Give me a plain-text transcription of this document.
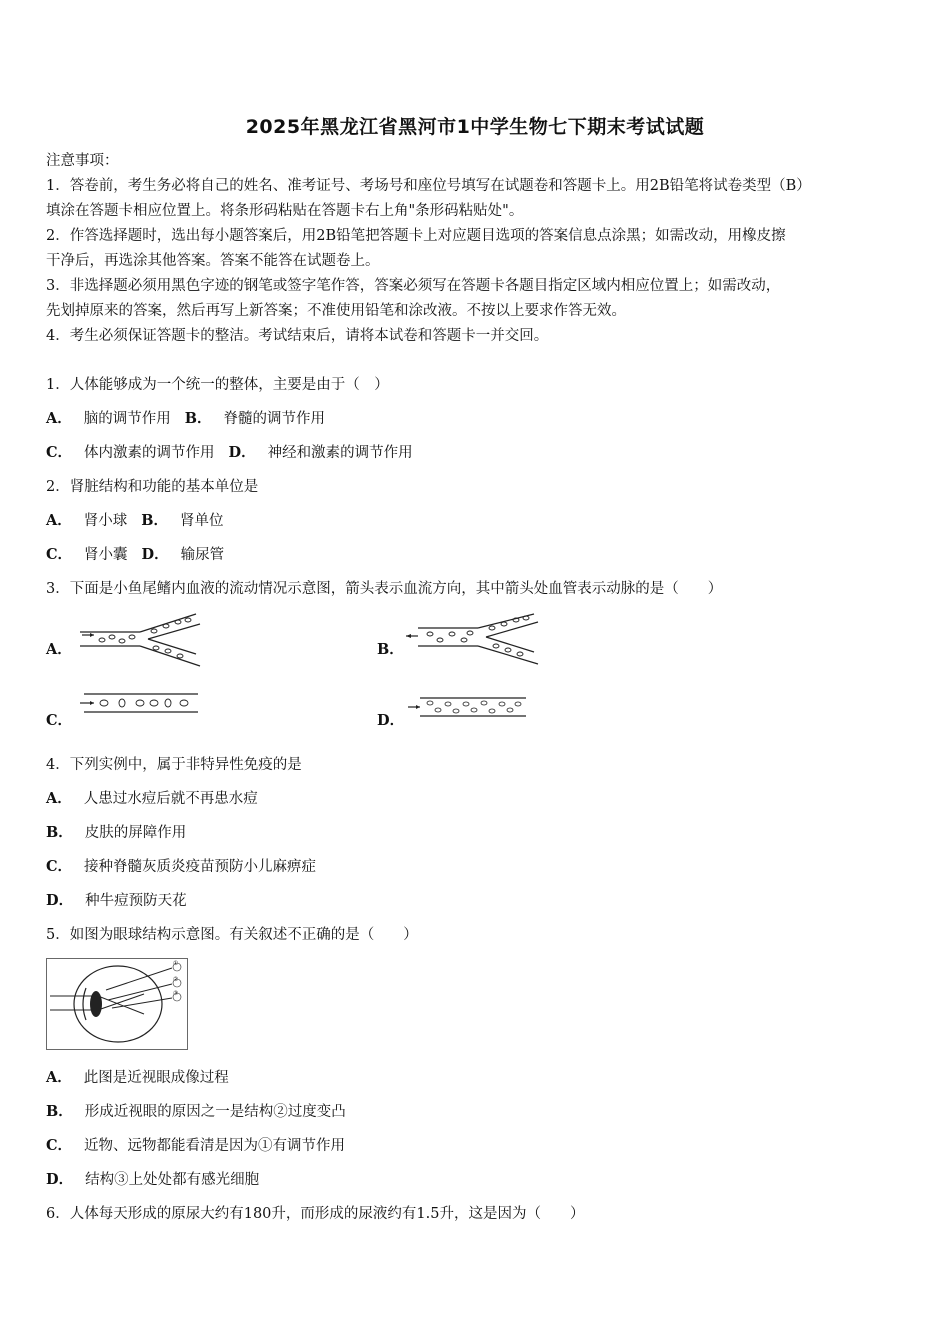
2025年黑龙江省黑河市1中学生物七下期末考试试题
注意事项：
1．答卷前，考生务必将自己的姓名、准考证号、考场号和座位号填写在试题卷和答题卡上。用2B铅笔将试卷类型（B）
填涂在答题卡相应位置上。将条形码粘贴在答题卡右上角"条形码粘贴处"。
2．作答选择题时，选出每小题答案后，用2B铅笔把答题卡上对应题目选项的答案信息点涂黑；如需改动，用橡皮擦
干净后，再选涂其他答案。答案不能答在试题卷上。
3．非选择题必须用黑色字迹的钢笔或签字笔作答，答案必须写在答题卡各题目指定区域内相应位置上；如需改动，
先划掉原来的答案，然后再写上新答案；不准使用铅笔和涂改液。不按以上要求作答无效。
4．考生必须保证答题卡的整洁。考试结束后，请将本试卷和答题卡一并交回。
1．人体能够成为一个统一的整体，主要是由于（　）
A． 脑的调节作用 B． 脊髓的调节作用
C． 体内激素的调节作用 D． 神经和激素的调节作用
2．肾脏结构和功能的基本单位是
A． 肾小球 B． 肾单位
C． 肾小囊 D． 输尿管
3．下面是小鱼尾鳍内血液的流动情况示意图，箭头表示血流方向，其中箭头处血管表示动脉的是（　　）
A．	B．
C．	D．
4．下列实例中，属于非特异性免疫的是
A． 人患过水痘后就不再患水痘
B． 皮肤的屏障作用
C． 接种脊髓灰质炎疫苗预防小儿麻痹症
D． 种牛痘预防天花
5．如图为眼球结构示意图。有关叙述不正确的是（　　）
①
②
③
A． 此图是近视眼成像过程
B． 形成近视眼的原因之一是结构②过度变凸
C． 近物、远物都能看清是因为①有调节作用
D． 结构③上处处都有感光细胞
6．人体每天形成的原尿大约有180升，而形成的尿液约有1.5升，这是因为（　　）
